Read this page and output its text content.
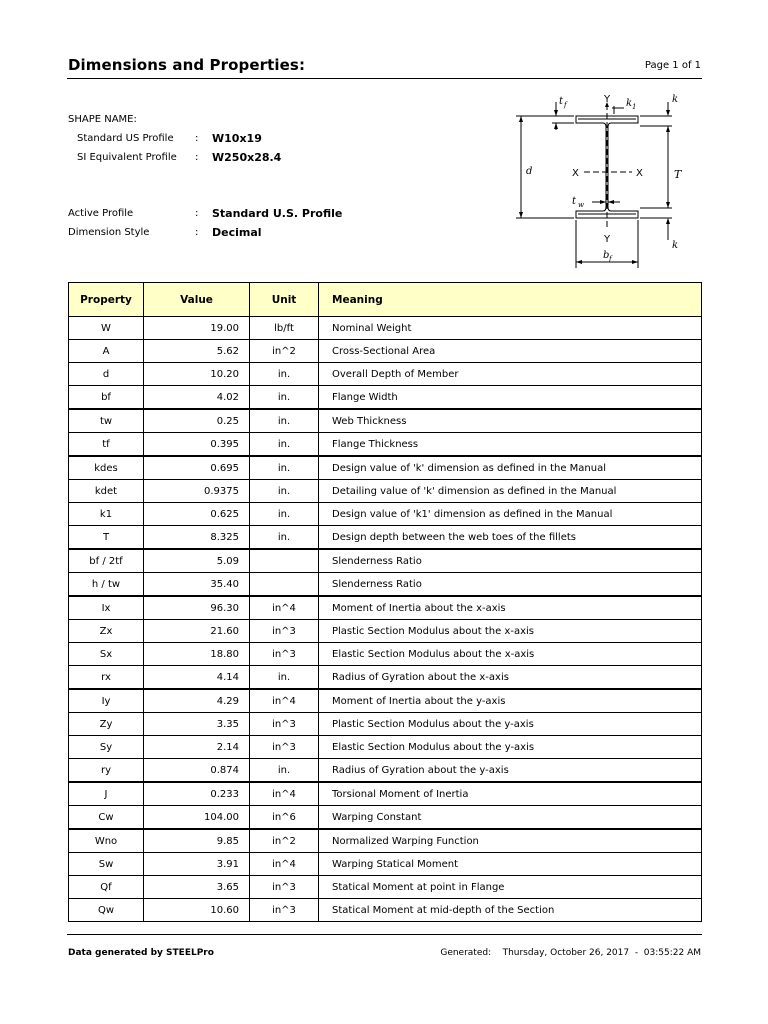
Dimensions and Properties:	Page 1 of 1
SHAPE NAME:
Standard US Profile : W10x19
SI Equivalent Profile : W250x28.4
Active Profile	: Standard U.S. Profile
Dimension Style	: Decimal
t f	k 1
k
d	T
t w
k
b f
Y
X	X
Y
Property	Value	Unit	Meaning
W	19.00	lb/ft	Nominal Weight
A	5.62	in^2	Cross-Sectional Area
d	10.20	in.	Overall Depth of Member
bf	4.02	in.	Flange Width
tw	0.25	in.	Web Thickness
tf	0.395	in.	Flange Thickness
kdes	0.695	in.	Design value of 'k' dimension as defined in the Manual
kdet	0.9375	in.	Detailing value of 'k' dimension as defined in the Manual
k1	0.625	in.	Design value of 'k1' dimension as defined in the Manual
T	8.325	in.	Design depth between the web toes of the fillets
bf / 2tf	5.09		Slenderness Ratio
h / tw	35.40		Slenderness Ratio
Ix	96.30	in^4	Moment of Inertia about the x-axis
Zx	21.60	in^3	Plastic Section Modulus about the x-axis
Sx	18.80	in^3	Elastic Section Modulus about the x-axis
rx	4.14	in.	Radius of Gyration about the x-axis
Iy	4.29	in^4	Moment of Inertia about the y-axis
Zy	3.35	in^3	Plastic Section Modulus about the y-axis
Sy	2.14	in^3	Elastic Section Modulus about the y-axis
ry	0.874	in.	Radius of Gyration about the y-axis
J	0.233	in^4	Torsional Moment of Inertia
Cw	104.00	in^6	Warping Constant
Wno	9.85	in^2	Normalized Warping Function
Sw	3.91	in^4	Warping Statical Moment
Qf	3.65	in^3	Statical Moment at point in Flange
Qw	10.60	in^3	Statical Moment at mid-depth of the Section
Data generated by STEELPro	Generated:    Thursday, October 26, 2017  -  03:55:22 AM
